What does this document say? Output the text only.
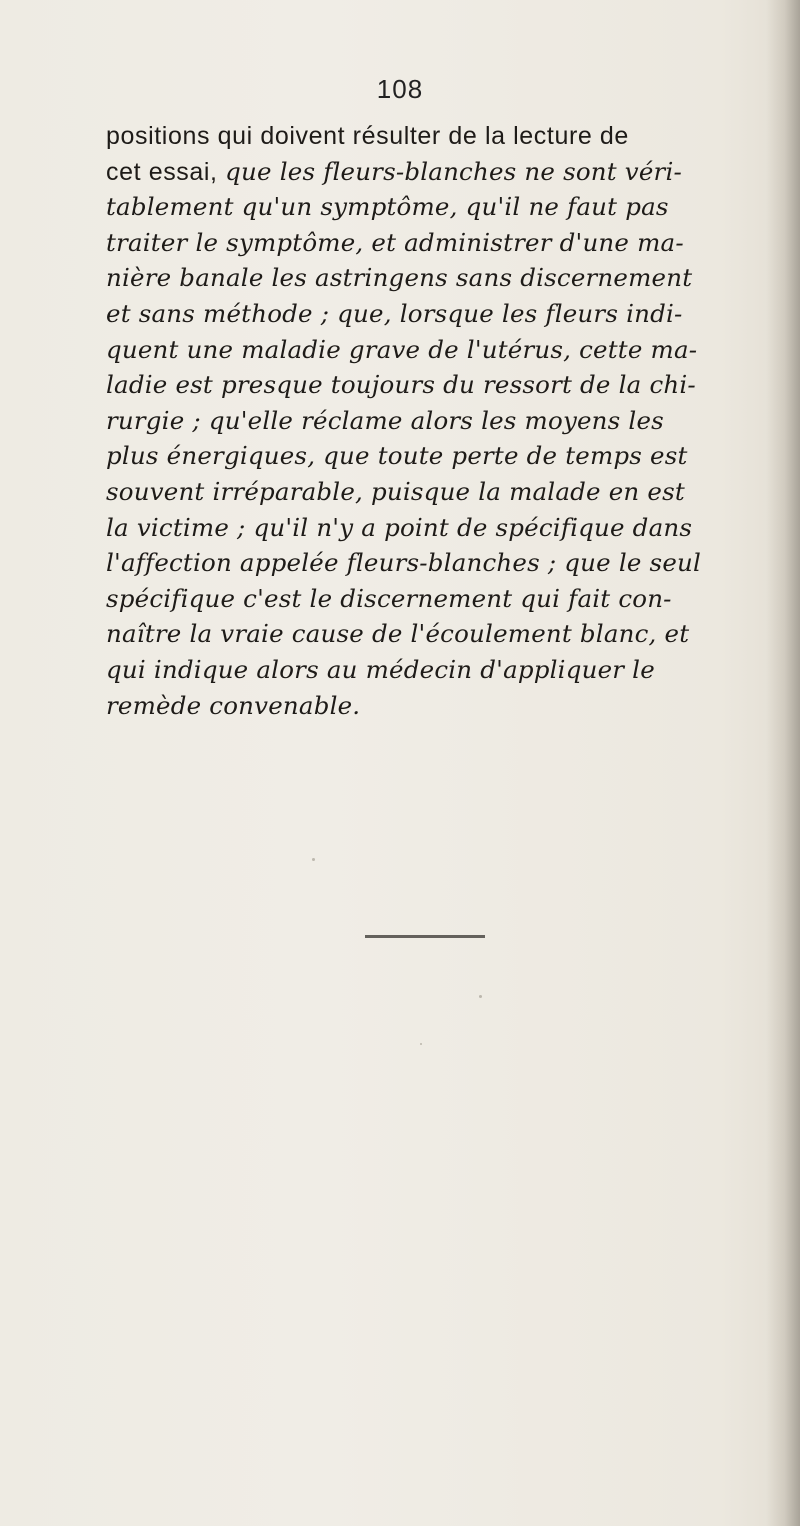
108
positions qui doivent résulter de la lecture de
cet essai, que les fleurs-blanches ne sont véri-
tablement qu'un symptôme, qu'il ne faut pas
traiter le symptôme, et administrer d'une ma-
nière banale les astringens sans discernement
et sans méthode ; que, lorsque les fleurs indi-
quent une maladie grave de l'utérus, cette ma-
ladie est presque toujours du ressort de la chi-
rurgie ; qu'elle réclame alors les moyens les
plus énergiques, que toute perte de temps est
souvent irréparable, puisque la malade en est
la victime ; qu'il n'y a point de spécifique dans
l'affection appelée fleurs-blanches ; que le seul
spécifique c'est le discernement qui fait con-
naître la vraie cause de l'écoulement blanc, et
qui indique alors au médecin d'appliquer le
remède convenable.
